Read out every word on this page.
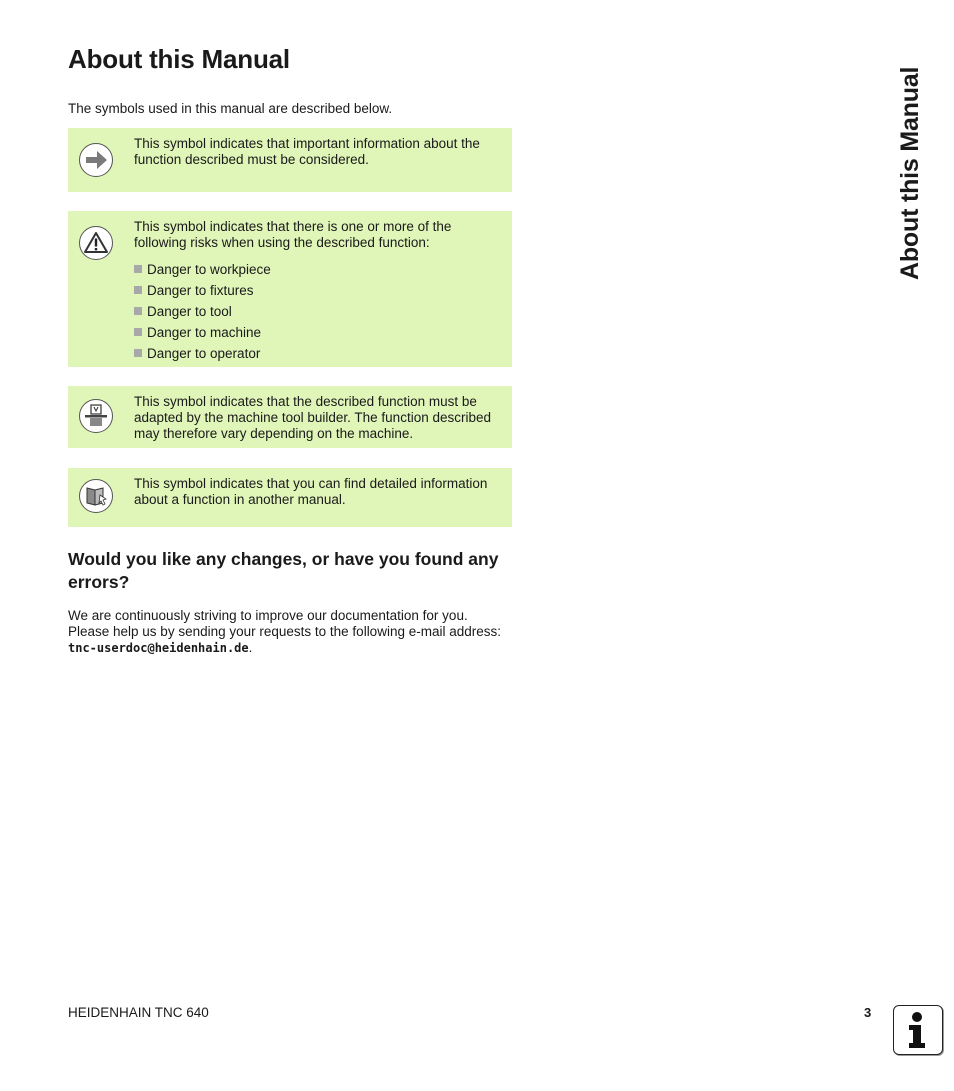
About this Manual

The symbols used in this manual are described below.

This symbol indicates that important information about the function described must be considered.
This symbol indicates that there is one or more of the following risks when using the described function:
Danger to workpiece
Danger to fixtures
Danger to tool
Danger to machine
Danger to operator
This symbol indicates that the described function must be adapted by the machine tool builder. The function described may therefore vary depending on the machine.
This symbol indicates that you can find detailed information about a function in another manual.
Would you like any changes, or have you found any errors?

We are continuously striving to improve our documentation for you. Please help us by sending your requests to the following e-mail address: tnc-userdoc@heidenhain.de.

About this Manual
HEIDENHAIN TNC 640	3
